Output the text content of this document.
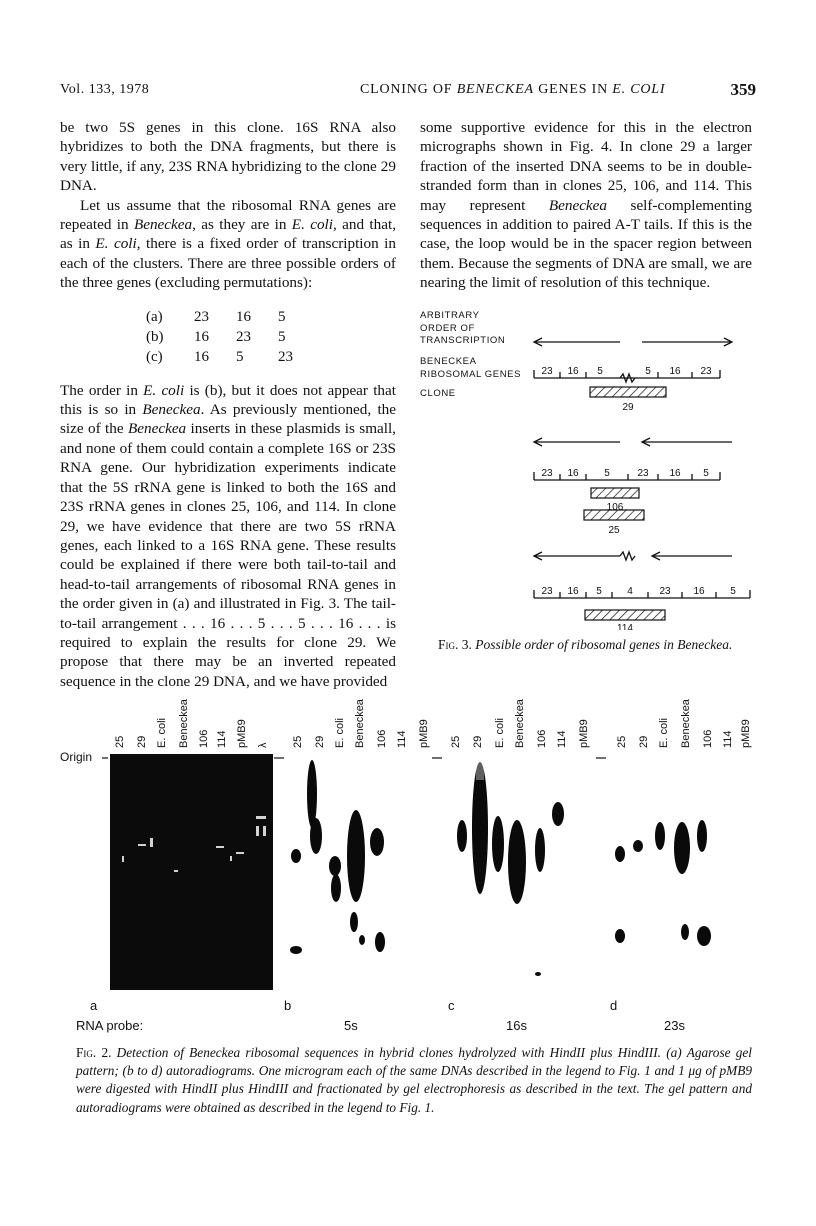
Vol. 133, 1978	CLONING OF BENECKEA GENES IN E. COLI	359

be two 5S genes in this clone. 16S RNA also hybridizes to both the DNA fragments, but there is very little, if any, 23S RNA hybridizing to the clone 29 DNA.

Let us assume that the ribosomal RNA genes are repeated in Beneckea, as they are in E. coli, and that, as in E. coli, there is a fixed order of transcription in each of the clusters. There are three possible orders of the three genes (excluding permutations):

(a)	23	16	5
(b)	16	23	5
(c)	16	5	23

The order in E. coli is (b), but it does not appear that this is so in Beneckea. As previously mentioned, the size of the Beneckea inserts in these plasmids is small, and none of them could contain a complete 16S or 23S RNA gene. Our hybridization experiments indicate that the 5S rRNA gene is linked to both the 16S and 23S rRNA genes in clones 25, 106, and 114. In clone 29, we have evidence that there are two 5S rRNA genes, each linked to a 16S RNA gene. These results could be explained if there were both tail-to-tail and head-to-tail arrangements of ribosomal RNA genes in the order given in (a) and illustrated in Fig. 3. The tail-to-tail arrangement . . . 16 . . . 5 . . . 5 . . . 16 . . . is required to explain the results for clone 29. We propose that there may be an inverted repeated sequence in the clone 29 DNA, and we have provided

some supportive evidence for this in the electron micrographs shown in Fig. 4. In clone 29 a larger fraction of the inserted DNA seems to be in double-stranded form than in clones 25, 106, and 114. This may represent Beneckea self-complementing sequences in addition to paired A-T tails. If this is the case, the loop would be in the spacer region between them. Because the segments of DNA are small, we are nearing the limit of resolution of this technique.

ARBITRARY
ORDER OF
TRANSCRIPTION
BENECKEA
RIBOSOMAL GENES
CLONE
23 16 5	5 16 23
29
23 16	5	23 16 5
106
25
23 16 5	4	23 16	5
114
Fig. 3. Possible order of ribosomal genes in Beneckea.
25 29 E. coli Beneckea 106 114 pMB9 λ 25 29 E. coli Beneckea 106 114 pMB9 25 29 E. coli Beneckea 106 114 pMB9 25 29 E. coli Beneckea 106 114 pMB9
Origin
a	b	c	d
RNA probe:	5s	16s	23s
Fig. 2. Detection of Beneckea ribosomal sequences in hybrid clones hydrolyzed with HindII plus HindIII. (a) Agarose gel pattern; (b to d) autoradiograms. One microgram each of the same DNAs described in the legend to Fig. 1 and 1 μg of pMB9 were digested with HindII plus HindIII and fractionated by gel electrophoresis as described in the text. The gel pattern and autoradiograms were obtained as described in the legend to Fig. 1.
